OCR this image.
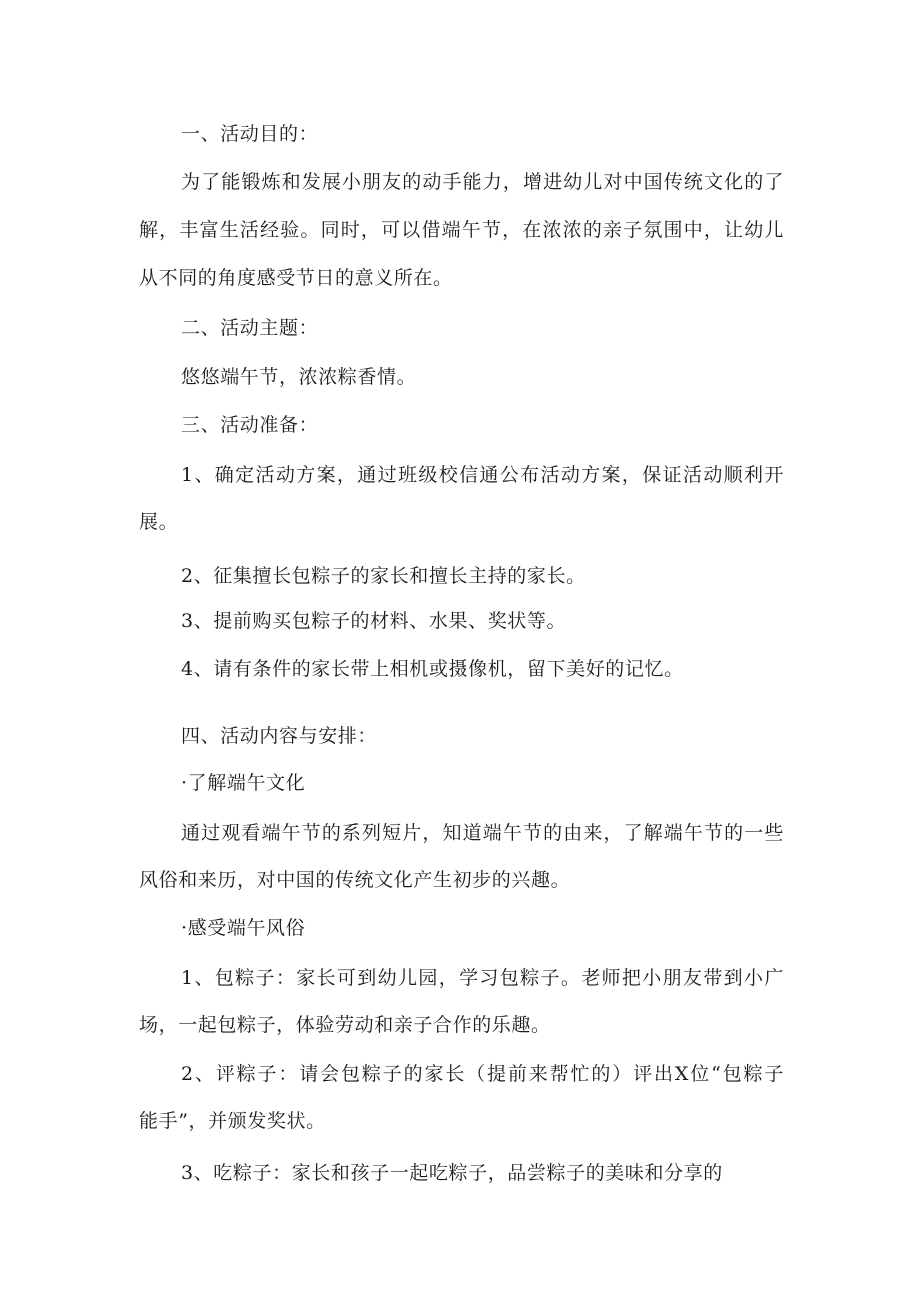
一、活动目的：

为了能锻炼和发展小朋友的动手能力，增进幼儿对中国传统文化的了

解，丰富生活经验。同时，可以借端午节，在浓浓的亲子氛围中，让幼儿

从不同的角度感受节日的意义所在。

二、活动主题：

悠悠端午节，浓浓粽香情。

三、活动准备：

1、确定活动方案，通过班级校信通公布活动方案，保证活动顺利开

展。

2、征集擅长包粽子的家长和擅长主持的家长。

3、提前购买包粽子的材料、水果、奖状等。

4、请有条件的家长带上相机或摄像机，留下美好的记忆。

四、活动内容与安排：

·了解端午文化

通过观看端午节的系列短片，知道端午节的由来，了解端午节的一些

风俗和来历，对中国的传统文化产生初步的兴趣。

·感受端午风俗

1、包粽子：家长可到幼儿园，学习包粽子。老师把小朋友带到小广

场，一起包粽子，体验劳动和亲子合作的乐趣。

2、评粽子：请会包粽子的家长（提前来帮忙的）评出X位“包粽子

能手”，并颁发奖状。

3、吃粽子：家长和孩子一起吃粽子，品尝粽子的美味和分享的
